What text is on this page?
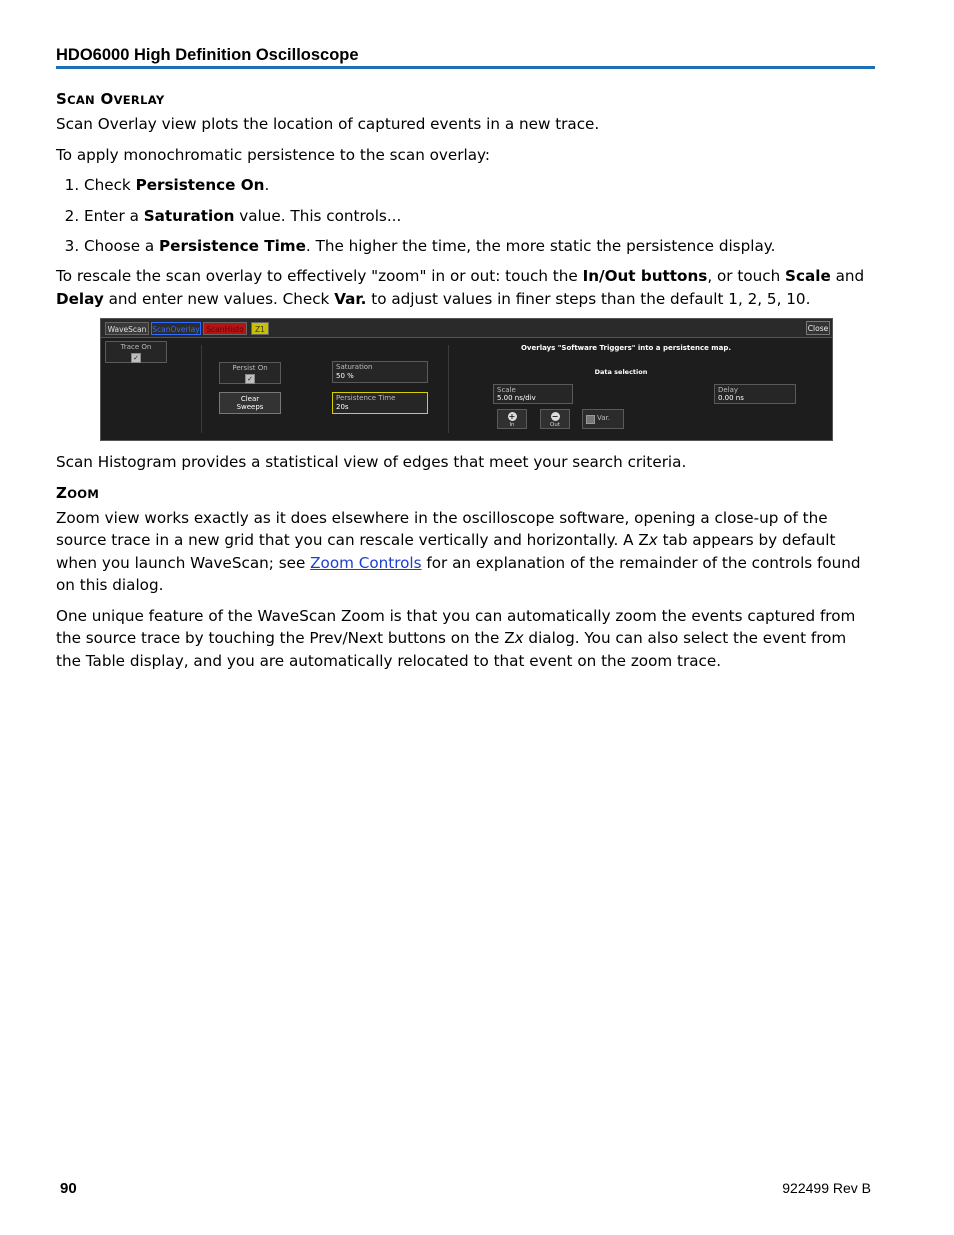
HDO6000 High Definition Oscilloscope
SCAN OVERLAY

Scan Overlay view plots the location of captured events in a new trace.

To apply monochromatic persistence to the scan overlay:

1. Check Persistence On.
2. Enter a Saturation value. This controls...
3. Choose a Persistence Time. The higher the time, the more static the persistence display.

To rescale the scan overlay to effectively "zoom" in or out: touch the In/Out buttons, or touch Scale and Delay and enter new values. Check Var. to adjust values in finer steps than the default 1, 2, 5, 10.

WaveScan ScanOverlay ScanHisto	Z1	Close
Trace On
✓
Persist On
✓
Clear
Sweeps
Saturation
50 %
Persistence Time
20s
Overlays "Software Triggers" into a persistence map.
Data selection
Scale
5.00 ns/div
Delay
0.00 ns
+
In
−
Out
Var.

Scan Histogram provides a statistical view of edges that meet your search criteria.

ZOOM

Zoom view works exactly as it does elsewhere in the oscilloscope software, opening a close-up of the source trace in a new grid that you can rescale vertically and horizontally. A Zx tab appears by default when you launch WaveScan; see Zoom Controls for an explanation of the remainder of the controls found on this dialog.

One unique feature of the WaveScan Zoom is that you can automatically zoom the events captured from the source trace by touching the Prev/Next buttons on the Zx dialog. You can also select the event from the Table display, and you are automatically relocated to that event on the zoom trace.

90	922499 Rev B
